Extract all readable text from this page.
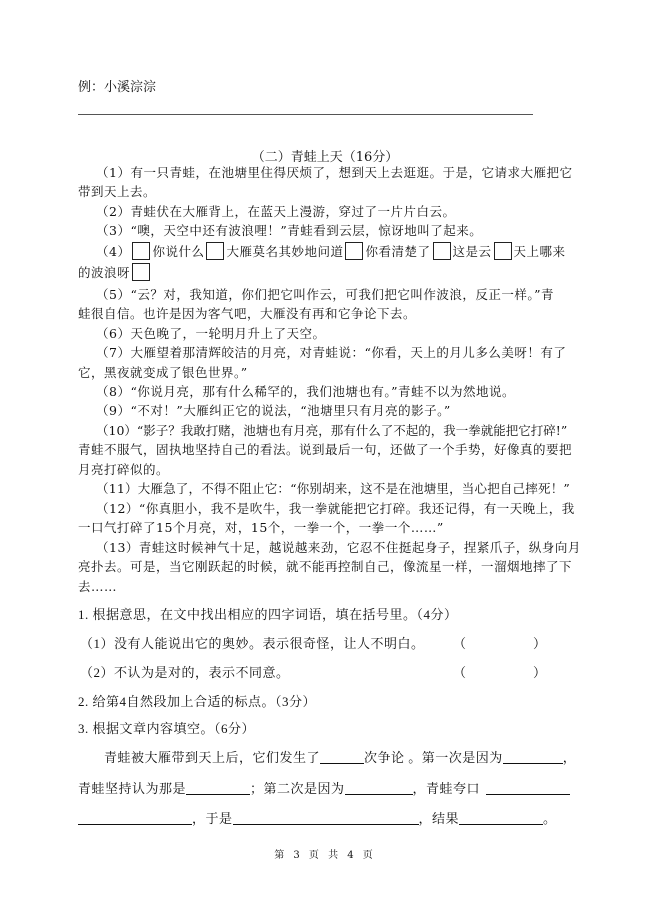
例：小溪淙淙
（二）青蛙上天（16分）
（1）有一只青蛙，在池塘里住得厌烦了，想到天上去逛逛。于是，它请求大雁把它
带到天上去。
（2）青蛙伏在大雁背上，在蓝天上漫游，穿过了一片片白云。
（3）“噢，天空中还有波浪哩！”青蛙看到云层，惊讶地叫了起来。
（4） 你说什么 大雁莫名其妙地问道 你看清楚了 这是云 天上哪来
的波浪呀
（5）“云？对，我知道，你们把它叫作云，可我们把它叫作波浪，反正一样。”青
蛙很自信。也许是因为客气吧，大雁没有再和它争论下去。
（6）天色晚了，一轮明月升上了天空。
（7）大雁望着那清辉皎洁的月亮，对青蛙说：“你看，天上的月儿多么美呀！有了
它，黑夜就变成了银色世界。”
（8）“你说月亮，那有什么稀罕的，我们池塘也有。”青蛙不以为然地说。
（9）“不对！”大雁纠正它的说法，“池塘里只有月亮的影子。”
（10）“影子？我敢打赌，池塘也有月亮，那有什么了不起的，我一拳就能把它打碎!”
青蛙不服气，固执地坚持自己的看法。说到最后一句，还做了一个手势，好像真的要把
月亮打碎似的。
（11）大雁急了，不得不阻止它：“你别胡来，这不是在池塘里，当心把自己摔死！”
（12）“你真胆小，我不是吹牛，我一拳就能把它打碎。我还记得，有一天晚上，我
一口气打碎了15个月亮，对，15个，一拳一个，一拳一个……”
（13）青蛙这时候神气十足，越说越来劲，它忍不住挺起身子，捏紧爪子，纵身向月
亮扑去。可是，当它刚跃起的时候，就不能再控制自己，像流星一样，一溜烟地摔了下
去……
1. 根据意思，在文中找出相应的四字词语，填在括号里。（4分）
（1）没有人能说出它的奥妙。表示很奇怪，让人不明白。 （	）
（2）不认为是对的，表示不同意。	（	）
2. 给第4自然段加上合适的标点。（3分）
3. 根据文章内容填空。（6分）
青蛙被大雁带到天上后，它们发生了	次争论 。第一次是因为	，
青蛙坚持认为那是	；第二次是因为	，青蛙夸口
，于是	，结果	。
第 3 页 共 4 页
